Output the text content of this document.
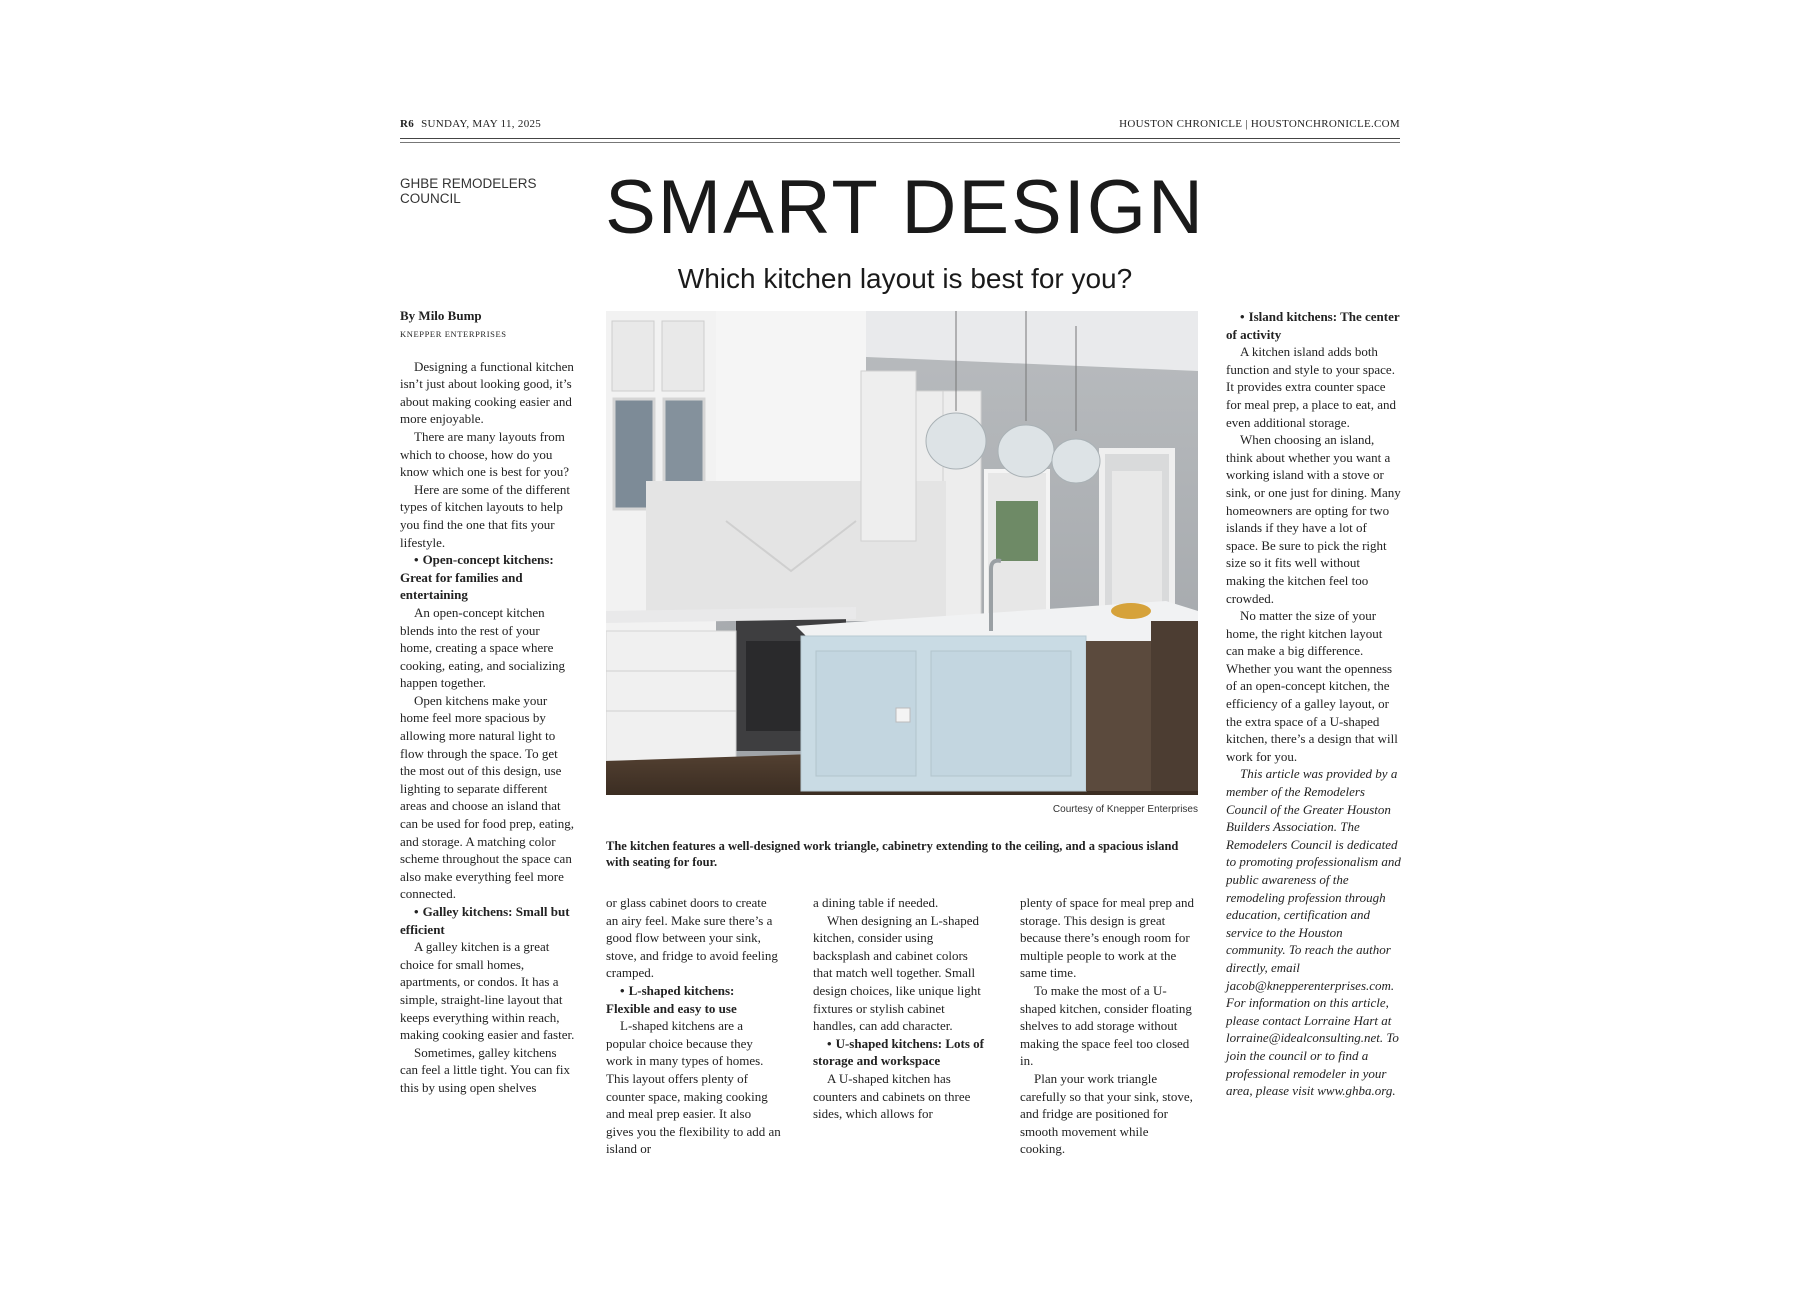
R6 SUNDAY, MAY 11, 2025	HOUSTON CHRONICLE | HOUSTONCHRONICLE.COM
GHBE REMODELERS
COUNCIL	SMART DESIGN
Which kitchen layout is best for you?
Courtesy of Knepper Enterprises
The kitchen features a well-designed work triangle, cabinetry extending to the ceiling, and a spacious island with seating for four.
By Milo Bump
KNEPPER ENTERPRISES

Designing a functional kitchen isn’t just about looking good, it’s about making cooking easier and more enjoyable.

There are many layouts from which to choose, how do you know which one is best for you?

Here are some of the different types of kitchen layouts to help you find the one that fits your lifestyle.

• Open-concept kitchens: Great for families and entertaining

An open-concept kitchen blends into the rest of your home, creating a space where cooking, eating, and socializing happen together.

Open kitchens make your home feel more spacious by allowing more natural light to flow through the space. To get the most out of this design, use lighting to separate different areas and choose an island that can be used for food prep, eating, and storage. A matching color scheme throughout the space can also make everything feel more connected.

• Galley kitchens: Small but efficient

A galley kitchen is a great choice for small homes, apartments, or condos. It has a simple, straight-line layout that keeps everything within reach, making cooking easier and faster.

Sometimes, galley kitchens can feel a little tight. You can fix this by using open shelves

or glass cabinet doors to create an airy feel. Make sure there’s a good flow between your sink, stove, and fridge to avoid feeling cramped.

• L-shaped kitchens: Flexible and easy to use

L-shaped kitchens are a popular choice because they work in many types of homes. This layout offers plenty of counter space, making cooking and meal prep easier. It also gives you the flexibility to add an island or

a dining table if needed.

When designing an L-shaped kitchen, consider using backsplash and cabinet colors that match well together. Small design choices, like unique light fixtures or stylish cabinet handles, can add character.

• U-shaped kitchens: Lots of storage and workspace

A U-shaped kitchen has counters and cabinets on three sides, which allows for

plenty of space for meal prep and storage. This design is great because there’s enough room for multiple people to work at the same time.

To make the most of a U-shaped kitchen, consider floating shelves to add storage without making the space feel too closed in.

Plan your work triangle carefully so that your sink, stove, and fridge are positioned for smooth movement while cooking.

• Island kitchens: The center of activity

A kitchen island adds both function and style to your space. It provides extra counter space for meal prep, a place to eat, and even additional storage.

When choosing an island, think about whether you want a working island with a stove or sink, or one just for dining. Many homeowners are opting for two islands if they have a lot of space. Be sure to pick the right size so it fits well without making the kitchen feel too crowded.

No matter the size of your home, the right kitchen layout can make a big difference. Whether you want the openness of an open-concept kitchen, the efficiency of a galley layout, or the extra space of a U-shaped kitchen, there’s a design that will work for you.

This article was provided by a member of the Remodelers Council of the Greater Houston Builders Association. The Remodelers Council is dedicated to promoting professionalism and public awareness of the remodeling profession through education, certification and service to the Houston community. To reach the author directly, email jacob@knepperenterprises.com. For information on this article, please contact Lorraine Hart at lorraine@idealconsulting.net. To join the council or to find a professional remodeler in your area, please visit www.ghba.org.
